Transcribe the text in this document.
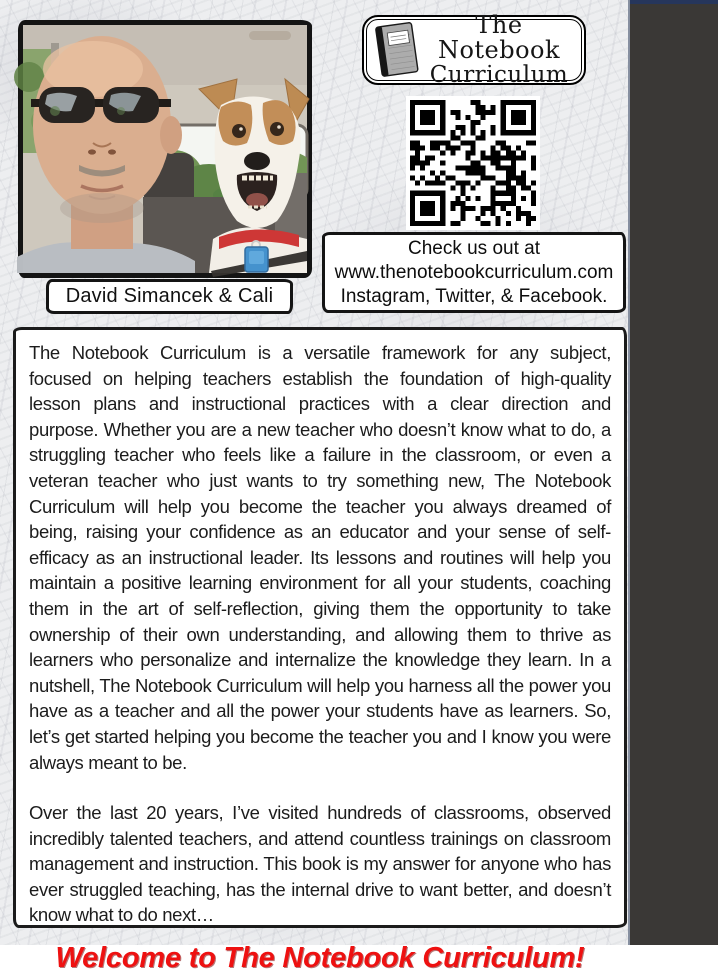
David Simancek & Cali
The Notebook
Curriculum
Check us out at
www.thenotebookcurriculum.com
Instagram, Twitter, & Facebook.

The Notebook Curriculum is a versatile framework for any subject, focused on helping teachers establish the foundation of high-quality lesson plans and instructional practices with a clear direction and purpose. Whether you are a new teacher who doesn’t know what to do, a struggling teacher who feels like a failure in the classroom, or even a veteran teacher who just wants to try something new, The Notebook Curriculum will help you become the teacher you always dreamed of being, raising your confidence as an educator and your sense of self-efficacy as an instructional leader. Its lessons and routines will help you maintain a positive learning environment for all your students, coaching them in the art of self-reflection, giving them the opportunity to take ownership of their own understanding, and allowing them to thrive as learners who personalize and internalize the knowledge they learn. In a nutshell, The Notebook Curriculum will help you harness all the power you have as a teacher and all the power your students have as learners. So, let’s get started helping you become the teacher you and I know you were always meant to be.

Over the last 20 years, I’ve visited hundreds of classrooms, observed incredibly talented teachers, and attend countless trainings on classroom management and instruction. This book is my answer for anyone who has ever struggled teaching, has the internal drive to want better, and doesn’t know what to do next…

Welcome to The Notebook Curriculum!
